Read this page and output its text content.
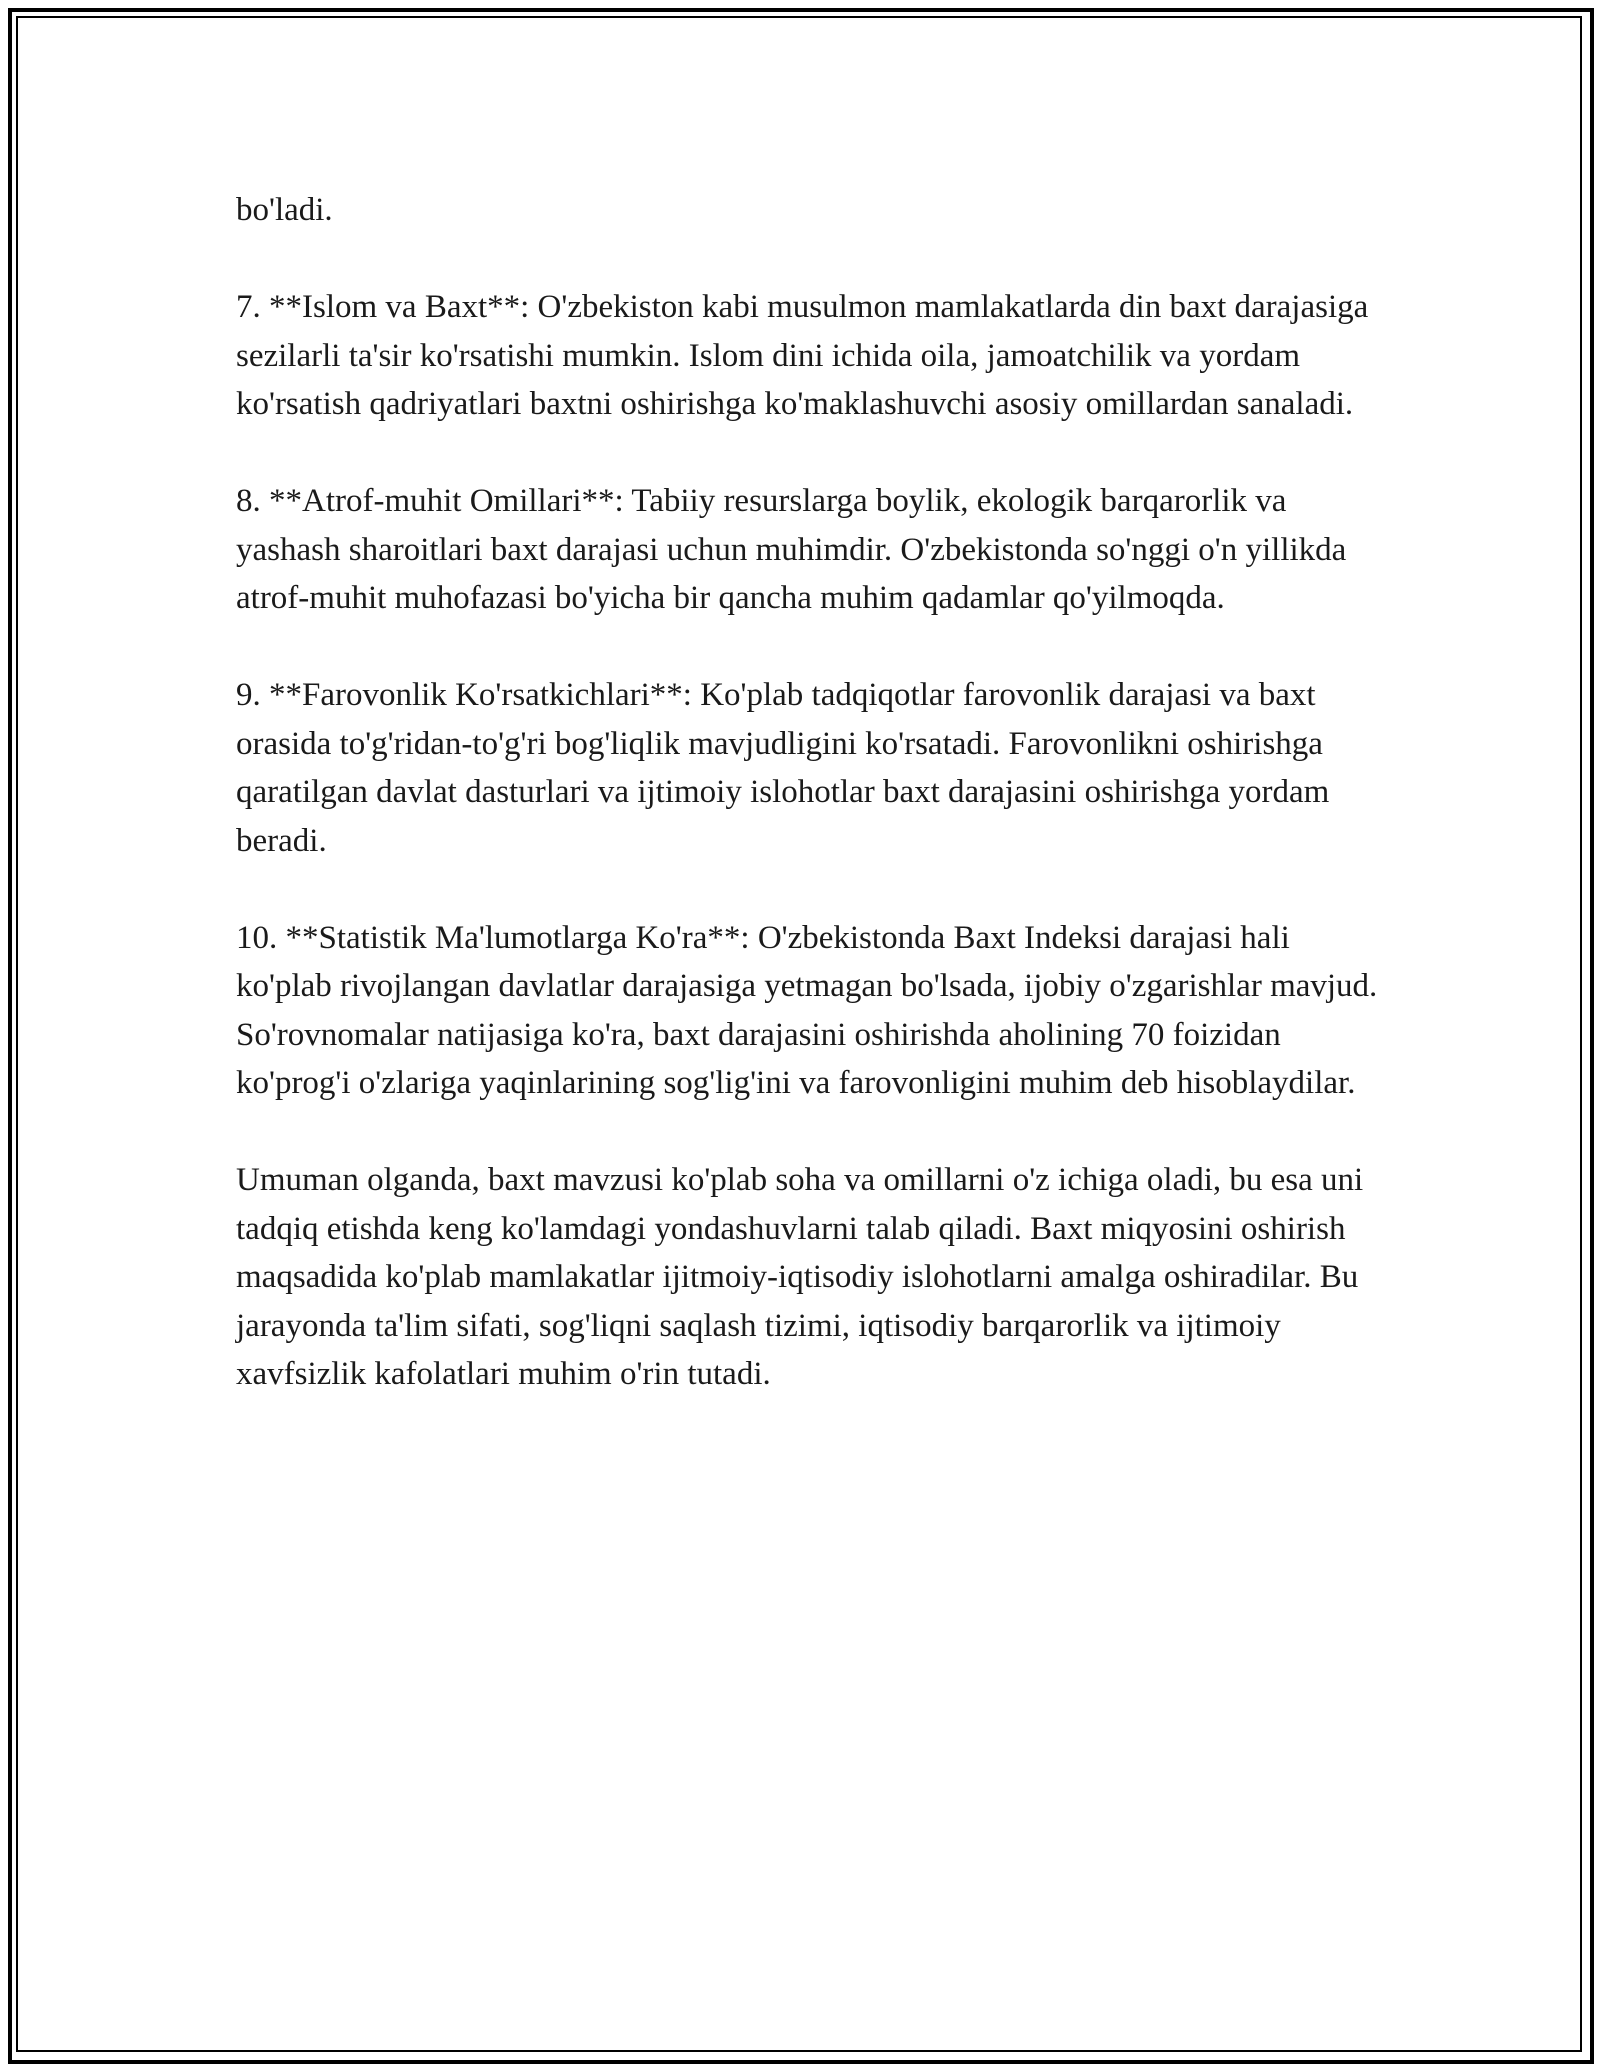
bo'ladi.

7. **Islom va Baxt**: O'zbekiston kabi musulmon mamlakatlarda din baxt darajasiga sezilarli ta'sir ko'rsatishi mumkin. Islom dini ichida oila, jamoatchilik va yordam ko'rsatish qadriyatlari baxtni oshirishga ko'maklashuvchi asosiy omillardan sanaladi.

8. **Atrof-muhit Omillari**: Tabiiy resurslarga boylik, ekologik barqarorlik va yashash sharoitlari baxt darajasi uchun muhimdir. O'zbekistonda so'nggi o'n yillikda atrof-muhit muhofazasi bo'yicha bir qancha muhim qadamlar qo'yilmoqda.

9. **Farovonlik Ko'rsatkichlari**: Ko'plab tadqiqotlar farovonlik darajasi va baxt orasida to'g'ridan-to'g'ri bog'liqlik mavjudligini ko'rsatadi. Farovonlikni oshirishga qaratilgan davlat dasturlari va ijtimoiy islohotlar baxt darajasini oshirishga yordam beradi.

10. **Statistik Ma'lumotlarga Ko'ra**: O'zbekistonda Baxt Indeksi darajasi hali ko'plab rivojlangan davlatlar darajasiga yetmagan bo'lsada, ijobiy o'zgarishlar mavjud. So'rovnomalar natijasiga ko'ra, baxt darajasini oshirishda aholining 70 foizidan ko'prog'i o'zlariga yaqinlarining sog'lig'ini va farovonligini muhim deb hisoblaydilar.

Umuman olganda, baxt mavzusi ko'plab soha va omillarni o'z ichiga oladi, bu esa uni tadqiq etishda keng ko'lamdagi yondashuvlarni talab qiladi. Baxt miqyosini oshirish maqsadida ko'plab mamlakatlar ijitmoiy-iqtisodiy islohotlarni amalga oshiradilar. Bu jarayonda ta'lim sifati, sog'liqni saqlash tizimi, iqtisodiy barqarorlik va ijtimoiy xavfsizlik kafolatlari muhim o'rin tutadi.
